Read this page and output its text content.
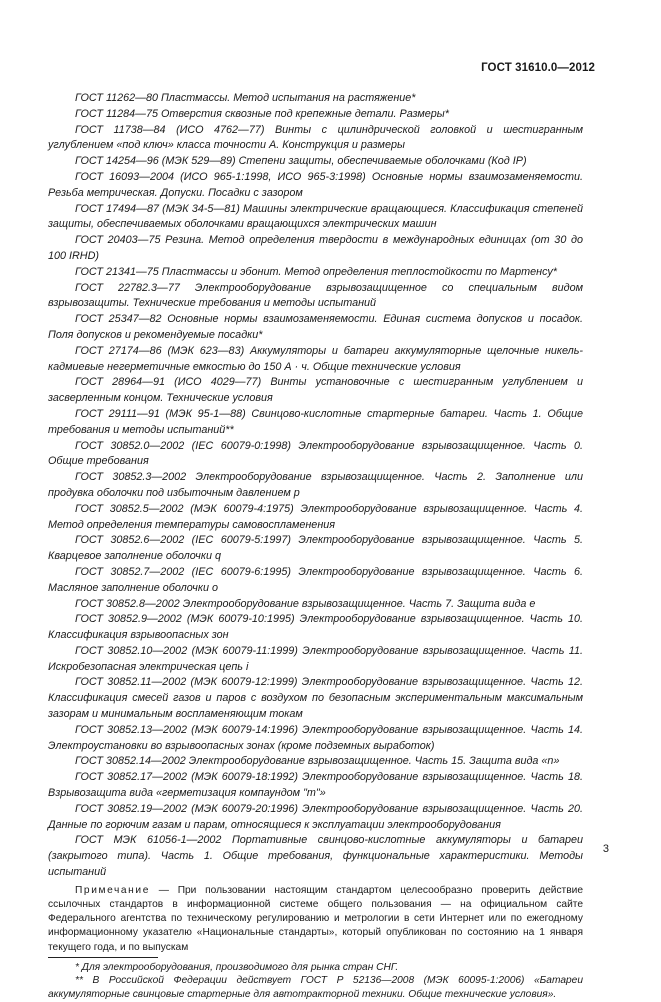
ГОСТ 31610.0—2012

ГОСТ 11262—80 Пластмассы. Метод испытания на растяжение*

ГОСТ 11284—75 Отверстия сквозные под крепежные детали. Размеры*

ГОСТ 11738—84 (ИСО 4762—77) Винты с цилиндрической головкой и шестигранным углублением «под ключ» класса точности А. Конструкция и размеры

ГОСТ 14254—96 (МЭК 529—89) Степени защиты, обеспечиваемые оболочками (Код IP)

ГОСТ 16093—2004 (ИСО 965-1:1998, ИСО 965-3:1998) Основные нормы взаимозаменяемости. Резьба метрическая. Допуски. Посадки с зазором

ГОСТ 17494—87 (МЭК 34-5—81) Машины электрические вращающиеся. Классификация степеней защиты, обеспечиваемых оболочками вращающихся электрических машин

ГОСТ 20403—75 Резина. Метод определения твердости в международных единицах (от 30 до 100 IRHD)

ГОСТ 21341—75 Пластмассы и эбонит. Метод определения теплостойкости по Мартенсу*

ГОСТ 22782.3—77 Электрооборудование взрывозащищенное со специальным видом взрывозащиты. Технические требования и методы испытаний

ГОСТ 25347—82 Основные нормы взаимозаменяемости. Единая система допусков и посадок. Поля допусков и рекомендуемые посадки*

ГОСТ 27174—86 (МЭК 623—83) Аккумуляторы и батареи аккумуляторные щелочные никель-кадмиевые негерметичные емкостью до 150 А · ч. Общие технические условия

ГОСТ 28964—91 (ИСО 4029—77) Винты установочные с шестигранным углублением и засверленным концом. Технические условия

ГОСТ 29111—91 (МЭК 95-1—88) Свинцово-кислотные стартерные батареи. Часть 1. Общие требования и методы испытаний**

ГОСТ 30852.0—2002 (IEC 60079-0:1998) Электрооборудование взрывозащищенное. Часть 0. Общие требования

ГОСТ 30852.3—2002 Электрооборудование взрывозащищенное. Часть 2. Заполнение или продувка оболочки под избыточным давлением р

ГОСТ 30852.5—2002 (МЭК 60079-4:1975) Электрооборудование взрывозащищенное. Часть 4. Метод определения температуры самовоспламенения

ГОСТ 30852.6—2002 (IEC 60079-5:1997) Электрооборудование взрывозащищенное. Часть 5. Кварцевое заполнение оболочки q

ГОСТ 30852.7—2002 (IEC 60079-6:1995) Электрооборудование взрывозащищенное. Часть 6. Масляное заполнение оболочки о

ГОСТ 30852.8—2002 Электрооборудование взрывозащищенное. Часть 7. Защита вида е

ГОСТ 30852.9—2002 (МЭК 60079-10:1995) Электрооборудование взрывозащищенное. Часть 10. Классификация взрывоопасных зон

ГОСТ 30852.10—2002 (МЭК 60079-11:1999) Электрооборудование взрывозащищенное. Часть 11. Искробезопасная электрическая цепь i

ГОСТ 30852.11—2002 (МЭК 60079-12:1999) Электрооборудование взрывозащищенное. Часть 12. Классификация смесей газов и паров с воздухом по безопасным экспериментальным максимальным зазорам и минимальным воспламеняющим токам

ГОСТ 30852.13—2002 (МЭК 60079-14:1996) Электрооборудование взрывозащищенное. Часть 14. Электроустановки во взрывоопасных зонах (кроме подземных выработок)

ГОСТ 30852.14—2002 Электрооборудование взрывозащищенное. Часть 15. Защита вида «n»

ГОСТ 30852.17—2002 (МЭК 60079-18:1992) Электрооборудование взрывозащищенное. Часть 18. Взрывозащита вида «герметизация компаундом "m"»

ГОСТ 30852.19—2002 (МЭК 60079-20:1996) Электрооборудование взрывозащищенное. Часть 20. Данные по горючим газам и парам, относящиеся к эксплуатации электрооборудования

ГОСТ МЭК 61056-1—2002 Портативные свинцово-кислотные аккумуляторы и батареи (закрытого типа). Часть 1. Общие требования, функциональные характеристики. Методы испытаний

Примечание — При пользовании настоящим стандартом целесообразно проверить действие ссылочных стандартов в информационной системе общего пользования — на официальном сайте Федерального агентства по техническому регулированию и метрологии в сети Интернет или по ежегодному информационному указателю «Национальные стандарты», который опубликован по состоянию на 1 января текущего года, и по выпускам

* Для электрооборудования, производимого для рынка стран СНГ.

** В Российской Федерации действует ГОСТ Р 52136—2008 (МЭК 60095-1:2006) «Батареи аккумуляторные свинцовые стартерные для автотракторной техники. Общие технические условия».

3
